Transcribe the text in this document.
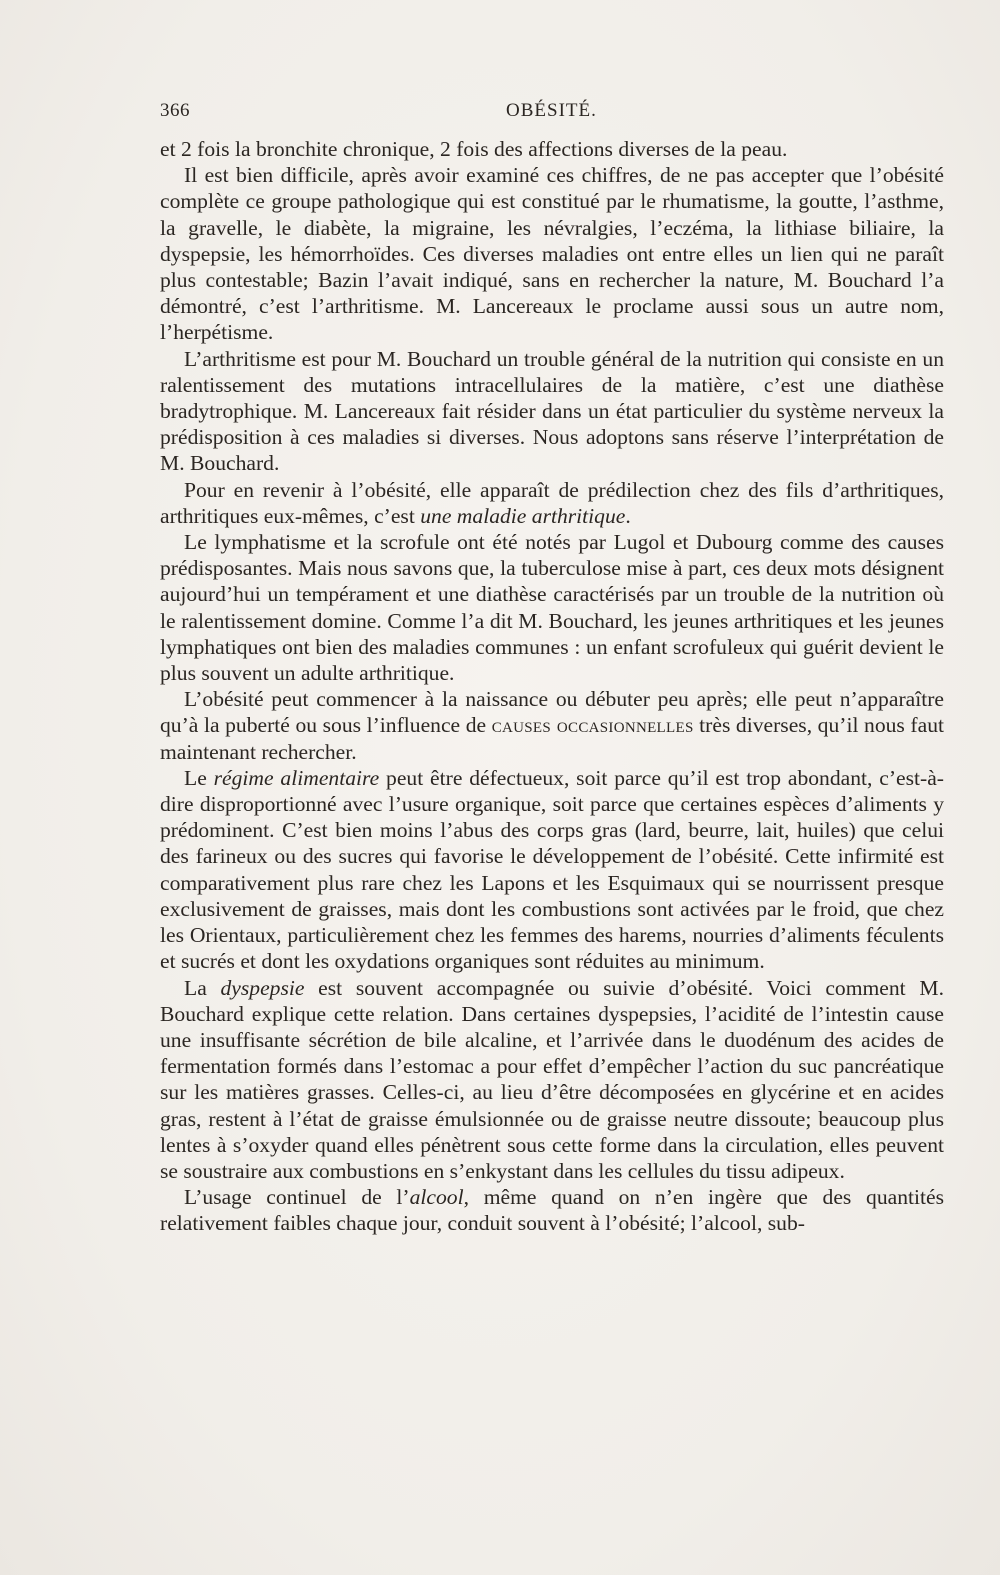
366	OBÉSITÉ.

et 2 fois la bronchite chronique, 2 fois des affections diverses de la peau.

Il est bien difficile, après avoir examiné ces chiffres, de ne pas accepter que l’obésité complète ce groupe pathologique qui est constitué par le rhumatisme, la goutte, l’asthme, la gravelle, le diabète, la migraine, les névralgies, l’eczéma, la lithiase biliaire, la dyspepsie, les hémorrhoïdes. Ces diverses maladies ont entre elles un lien qui ne paraît plus contestable; Bazin l’avait indiqué, sans en rechercher la nature, M. Bouchard l’a démontré, c’est l’arthritisme. M. Lancereaux le proclame aussi sous un autre nom, l’herpétisme.

L’arthritisme est pour M. Bouchard un trouble général de la nutrition qui consiste en un ralentissement des mutations intracellulaires de la matière, c’est une diathèse bradytrophique. M. Lancereaux fait résider dans un état particulier du système nerveux la prédisposition à ces maladies si diverses. Nous adoptons sans réserve l’interprétation de M. Bouchard.

Pour en revenir à l’obésité, elle apparaît de prédilection chez des fils d’arthritiques, arthritiques eux-mêmes, c’est une maladie arthritique.

Le lymphatisme et la scrofule ont été notés par Lugol et Dubourg comme des causes prédisposantes. Mais nous savons que, la tuberculose mise à part, ces deux mots désignent aujourd’hui un tempérament et une diathèse caractérisés par un trouble de la nutrition où le ralentissement domine. Comme l’a dit M. Bouchard, les jeunes arthritiques et les jeunes lymphatiques ont bien des maladies communes : un enfant scrofuleux qui guérit devient le plus souvent un adulte arthritique.

L’obésité peut commencer à la naissance ou débuter peu après; elle peut n’apparaître qu’à la puberté ou sous l’influence de causes occasionnelles très diverses, qu’il nous faut maintenant rechercher.

Le régime alimentaire peut être défectueux, soit parce qu’il est trop abondant, c’est-à-dire disproportionné avec l’usure organique, soit parce que certaines espèces d’aliments y prédominent. C’est bien moins l’abus des corps gras (lard, beurre, lait, huiles) que celui des farineux ou des sucres qui favorise le développement de l’obésité. Cette infirmité est comparativement plus rare chez les Lapons et les Esquimaux qui se nourrissent presque exclusivement de graisses, mais dont les combustions sont activées par le froid, que chez les Orientaux, particulièrement chez les femmes des harems, nourries d’aliments féculents et sucrés et dont les oxydations organiques sont réduites au minimum.

La dyspepsie est souvent accompagnée ou suivie d’obésité. Voici comment M. Bouchard explique cette relation. Dans certaines dyspepsies, l’acidité de l’intestin cause une insuffisante sécrétion de bile alcaline, et l’arrivée dans le duodénum des acides de fermentation formés dans l’estomac a pour effet d’empêcher l’action du suc pancréatique sur les matières grasses. Celles-ci, au lieu d’être décomposées en glycérine et en acides gras, restent à l’état de graisse émulsionnée ou de graisse neutre dissoute; beaucoup plus lentes à s’oxyder quand elles pénètrent sous cette forme dans la circulation, elles peuvent se soustraire aux combustions en s’enkystant dans les cellules du tissu adipeux.

L’usage continuel de l’alcool, même quand on n’en ingère que des quantités relativement faibles chaque jour, conduit souvent à l’obésité; l’alcool, sub-
